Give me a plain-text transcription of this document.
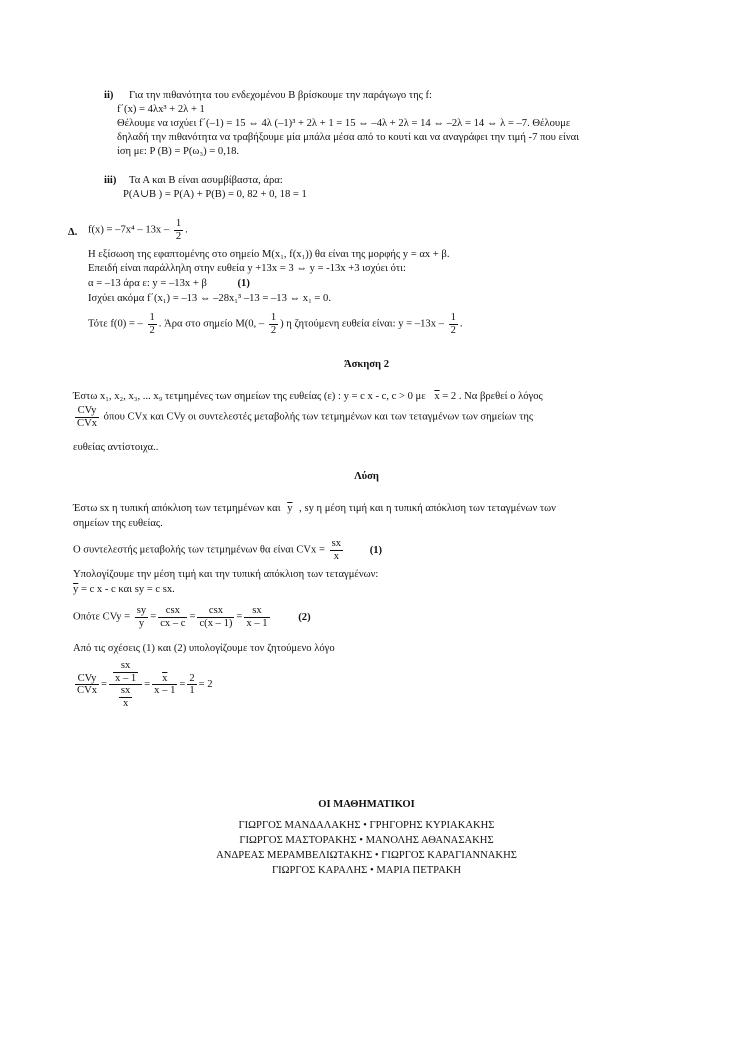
ii) Για την πιθανότητα του ενδεχομένου Β βρίσκουμε την παράγωγο της f:
f΄(x) = 4λx³ + 2λ + 1
Θέλουμε να ισχύει f΄(–1) = 15 ⇔ 4λ (–1)³ + 2λ + 1 = 15 ⇔ –4λ + 2λ = 14 ⇔ –2λ = 14 ⇔ λ = –7. Θέλουμε
δηλαδή την πιθανότητα να τραβήξουμε μία μπάλα μέσα από το κουτί και να αναγράφει την τιμή -7 που είναι
ίση με: P (B) = P(ω₃) = 0,18.
iii) Τα Α και Β είναι ασυμβίβαστα, άρα:
P(A∪B ) = P(A) + P(B) = 0, 82 + 0, 18 = 1
Δ. $f(x) = -7x^4 - 13x - \frac{1}{2}$ .
Η εξίσωση της εφαπτομένης στο σημείο M(x₁, f(x₁)) θα είναι της μορφής y = αx + β.
Επειδή είναι παράλληλη στην ευθεία y +13x = 3 ⇔ y = -13x +3 ισχύει ότι:
α = –13 άρα ε: y = –13x + β	(1)
Ισχύει ακόμα f΄(x₁) = –13 ⇔ –28x₁³ –13 = –13 ⇔ x₁ = 0.
Τότε f(0) = – $\frac{1}{2}$ . Άρα στο σημείο M(0, – $\frac{1}{2}$ ) η ζητούμενη ευθεία είναι: $y = -13x - \frac{1}{2}$ .
Άσκηση 2
Έστω x₁, x₂, x₃, ... x₉ τετμημένες των σημείων της ευθείας (ε) : y = c x - c, c > 0 με $\overline{x} = 2$ . Να βρεθεί ο λόγος
$\frac{\text{CVy}}{\text{CVx}}$ όπου CVx και CVy οι συντελεστές μεταβολής των τετμημένων και των τεταγμένων των σημείων της
ευθείας αντίστοιχα..
Λύση
Έστω sx η τυπική απόκλιση των τετμημένων και $\overline{y}$ , sy η μέση τιμή και η τυπική απόκλιση των τεταγμένων των
σημείων της ευθείας.
Ο συντελεστής μεταβολής των τετμημένων θα είναι CVx = $\frac{sx}{x}$	(1)
Υπολογίζουμε την μέση τιμή και την τυπική απόκλιση των τεταγμένων:
$\overline{y} = c$ x - c και sy = c sx.
Οπότε CVy = $\frac{sy}{y} = \frac{\text{csx}}{cx - c} = \frac{\text{csx}}{c(x - 1)} = \frac{sx}{x - 1}$	(2)
Από τις σχέσεις (1) και (2) υπολογίζουμε τον ζητούμενο λόγο
$\frac{\text{CVy}}{\text{CVx}} = \frac{\frac{sx}{x - 1}}{\frac{sx}{x}} = \frac{\overline{x}}{x - 1} = \frac{2}{1} = 2$
ΟΙ ΜΑΘΗΜΑΤΙΚΟΙ
ΓΙΩΡΓΟΣ ΜΑΝΔΑΛΑΚΗΣ • ΓΡΗΓΟΡΗΣ ΚΥΡΙΑΚΑΚΗΣ
ΓΙΩΡΓΟΣ ΜΑΣΤΟΡΑΚΗΣ • ΜΑΝΟΛΗΣ ΑΘΑΝΑΣΑΚΗΣ
ΑΝΔΡΕΑΣ ΜΕΡΑΜΒΕΛΙΩΤΑΚΗΣ • ΓΙΩΡΓΟΣ ΚΑΡΑΓΙΑΝΝΑΚΗΣ
ΓΙΩΡΓΟΣ ΚΑΡΑΛΗΣ • ΜΑΡΙΑ ΠΕΤΡΑΚΗ
